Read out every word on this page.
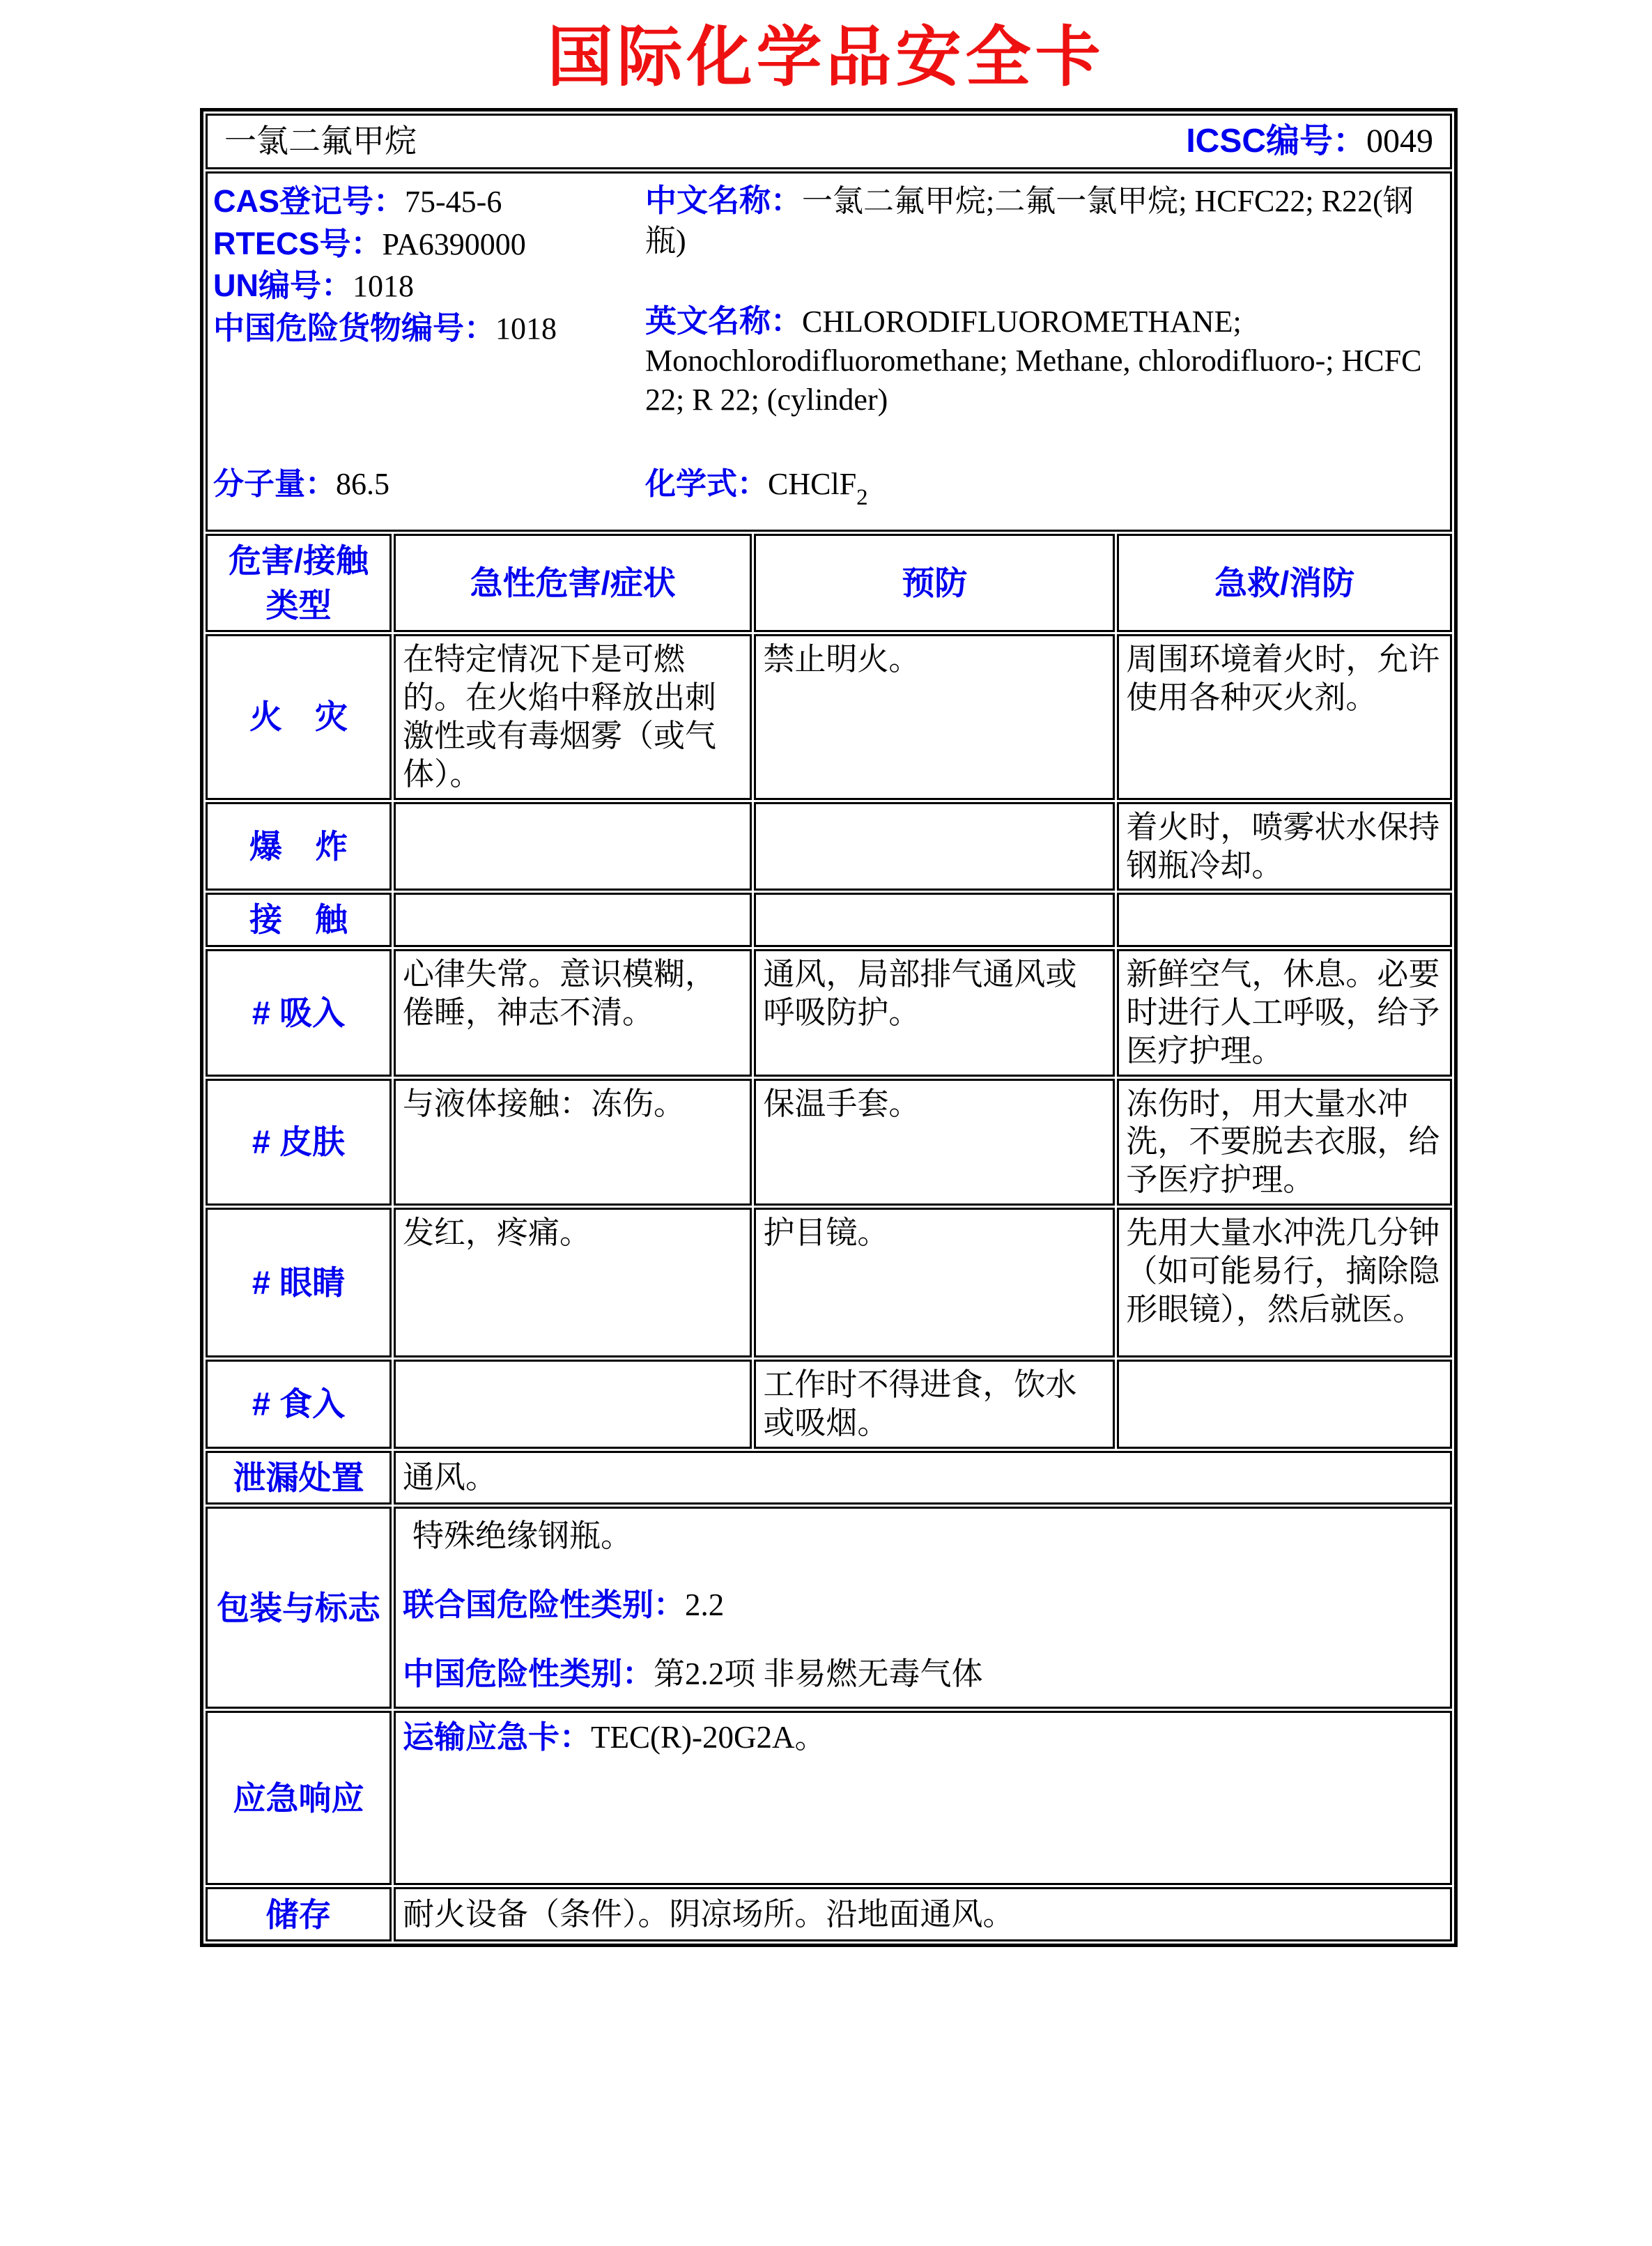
国际化学品安全卡
一氯二氟甲烷 ICSC编号：0049			

CAS登记号：75-45-6
RTECS号：PA6390000
UN编号：1018
中国危险货物编号：1018
中文名称：一氯二氟甲烷;二氟一氯甲烷; HCFC22; R22(钢瓶)
英文名称：CHLORODIFLUOROMETHANE; Monochlorodifluoromethane; Methane, chlorodifluoro-; HCFC 22; R 22; (cylinder)
分子量：86.5	化学式：CHClF$_2$

危害/接触
类型	急性危害/症状	预防	急救/消防
火　灾	在特定情况下是可燃的。在火焰中释放出刺激性或有毒烟雾（或气体）。	禁止明火。	周围环境着火时，允许使用各种灭火剂。
爆　炸			着火时，喷雾状水保持钢瓶冷却。
接　触			
# 吸入	心律失常。意识模糊，倦睡，神志不清。	通风，局部排气通风或呼吸防护。	新鲜空气，休息。必要时进行人工呼吸，给予医疗护理。
# 皮肤	与液体接触：冻伤。	保温手套。	冻伤时，用大量水冲洗，不要脱去衣服，给予医疗护理。
# 眼睛	发红，疼痛。	护目镜。	先用大量水冲洗几分钟（如可能易行，摘除隐形眼镜），然后就医。
# 食入		工作时不得进食，饮水或吸烟。	
泄漏处置	通风。		
包装与标志	特殊绝缘钢瓶。
联合国危险性类别：2.2
中国危险性类别：第2.2项 非易燃无毒气体		

应急响应	运输应急卡：TEC(R)-20G2A。		

储存	耐火设备（条件）。阴凉场所。沿地面通风。		
